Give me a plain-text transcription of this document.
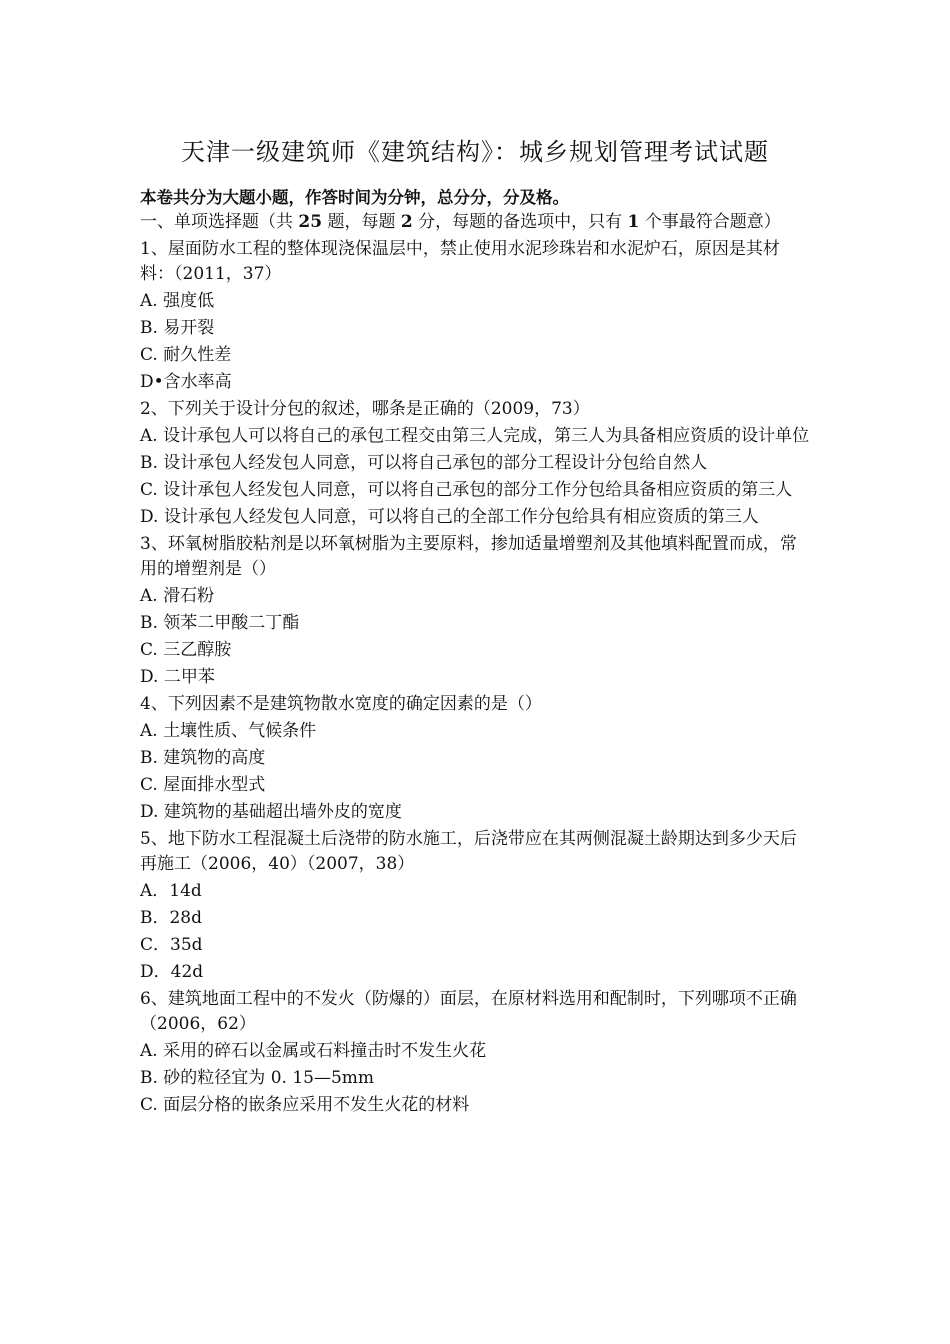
天津一级建筑师《建筑结构》：城乡规划管理考试试题
本卷共分为大题小题，作答时间为分钟，总分分，分及格。
一、单项选择题（共 25 题，每题 2 分，每题的备选项中，只有 1 个事最符合题意）
1、屋面防水工程的整体现浇保温层中，禁止使用水泥珍珠岩和水泥炉石，原因是其材料：（2011，37）
A. 强度低
B. 易开裂
C. 耐久性差
D•含水率高
2、下列关于设计分包的叙述，哪条是正确的（2009，73）
A. 设计承包人可以将自己的承包工程交由第三人完成，第三人为具备相应资质的设计单位
B. 设计承包人经发包人同意，可以将自己承包的部分工程设计分包给自然人
C. 设计承包人经发包人同意，可以将自己承包的部分工作分包给具备相应资质的第三人
D. 设计承包人经发包人同意，可以将自己的全部工作分包给具有相应资质的第三人
3、环氧树脂胶粘剂是以环氧树脂为主要原料，掺加适量增塑剂及其他填料配置而成，常用的增塑剂是（）
A. 滑石粉
B. 领苯二甲酸二丁酯
C. 三乙醇胺
D. 二甲苯
4、下列因素不是建筑物散水宽度的确定因素的是（）
A. 土壤性质、气候条件
B. 建筑物的高度
C. 屋面排水型式
D. 建筑物的基础超出墙外皮的宽度
5、地下防水工程混凝土后浇带的防水施工，后浇带应在其两侧混凝土龄期达到多少天后再施工（2006，40）（2007，38）
A．14d
B．28d
C．35d
D．42d
6、建筑地面工程中的不发火（防爆的）面层，在原材料选用和配制时，下列哪项不正确（2006，62）
A. 采用的碎石以金属或石料撞击时不发生火花
B. 砂的粒径宜为 0. 15—5mm
C. 面层分格的嵌条应采用不发生火花的材料
